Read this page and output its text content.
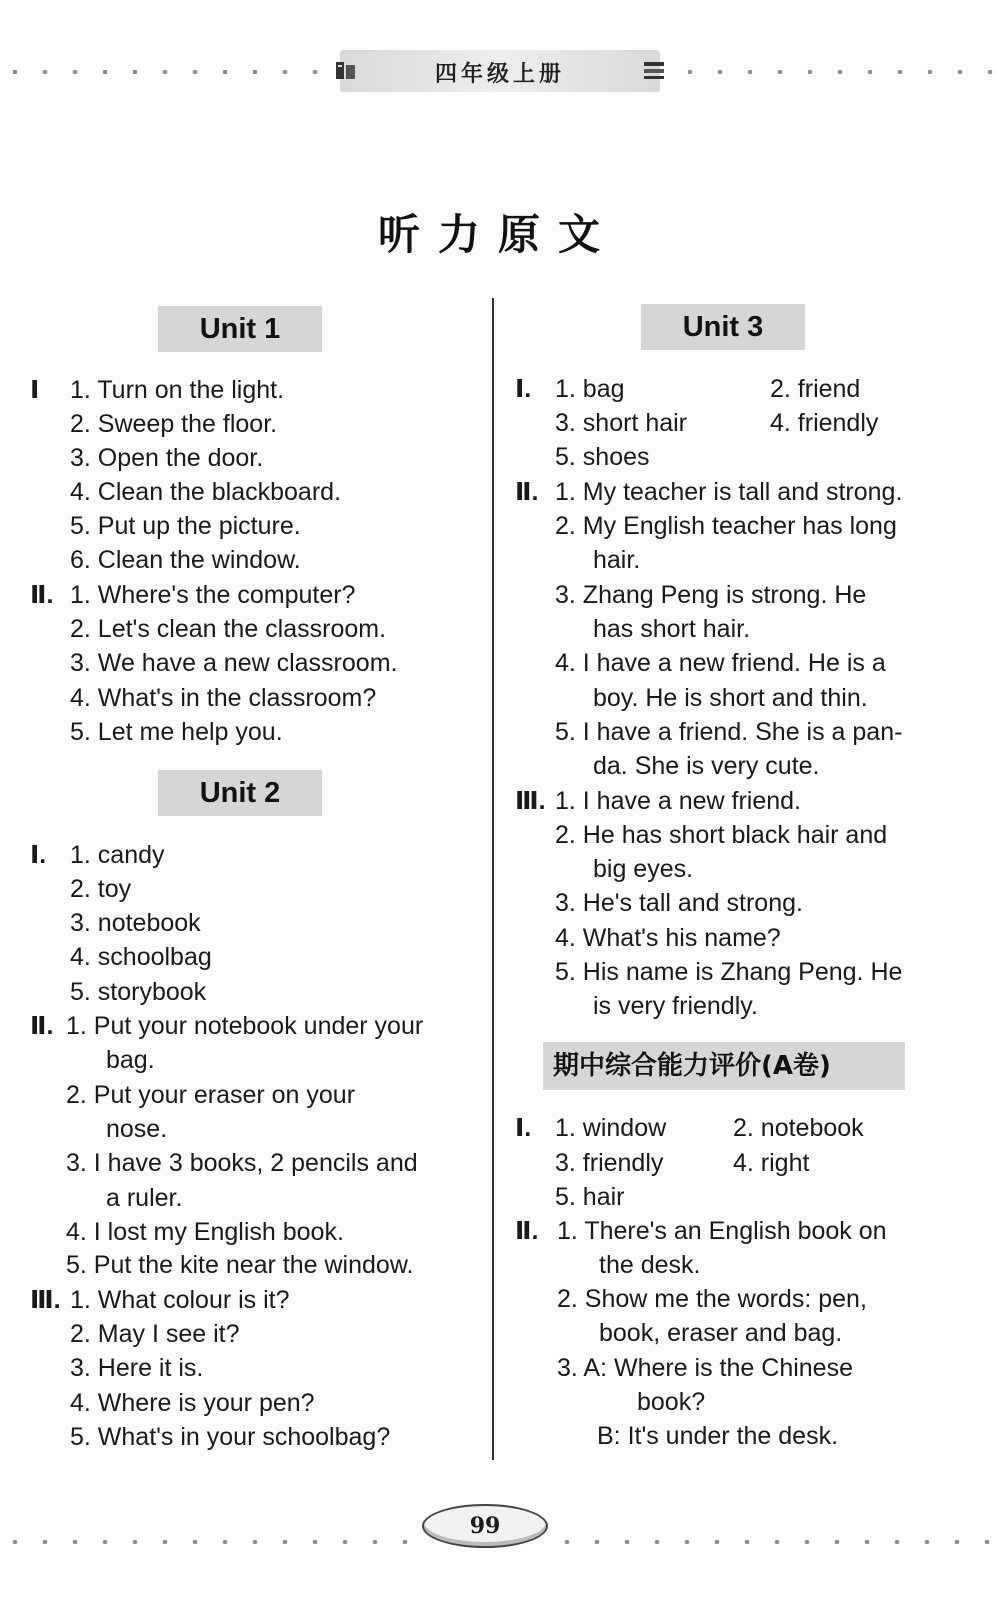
四年级上册
听力原文
Unit 1
Ⅰ 1. Turn on the light.
2. Sweep the floor.
3. Open the door.
4. Clean the blackboard.
5. Put up the picture.
6. Clean the window.
Ⅱ. 1. Where's the computer?
2. Let's clean the classroom.
3. We have a new classroom.
4. What's in the classroom?
5. Let me help you.
Unit 2
Ⅰ. 1. candy
2. toy
3. notebook
4. schoolbag
5. storybook
Ⅱ. 1. Put your notebook under your
bag.
2. Put your eraser on your
nose.
3. I have 3 books, 2 pencils and
a ruler.
4. I lost my English book.
5. Put the kite near the window.
Ⅲ. 1. What colour is it?
2. May I see it?
3. Here it is.
4. Where is your pen?
5. What's in your schoolbag?
Unit 3
Ⅰ. 1. bag	2. friend
3. short hair	4. friendly
5. shoes
Ⅱ. 1. My teacher is tall and strong.
2. My English teacher has long
hair.
3. Zhang Peng is strong. He
has short hair.
4. I have a new friend. He is a
boy. He is short and thin.
5. I have a friend. She is a pan-
da. She is very cute.
Ⅲ. 1. I have a new friend.
2. He has short black hair and
big eyes.
3. He's tall and strong.
4. What's his name?
5. His name is Zhang Peng. He
is very friendly.
期中综合能力评价(A卷)
Ⅰ. 1. window	2. notebook
3. friendly	4. right
5. hair
Ⅱ. 1. There's an English book on
the desk.
2. Show me the words: pen,
book, eraser and bag.
3. A: Where is the Chinese
book?
B: It's under the desk.
99
